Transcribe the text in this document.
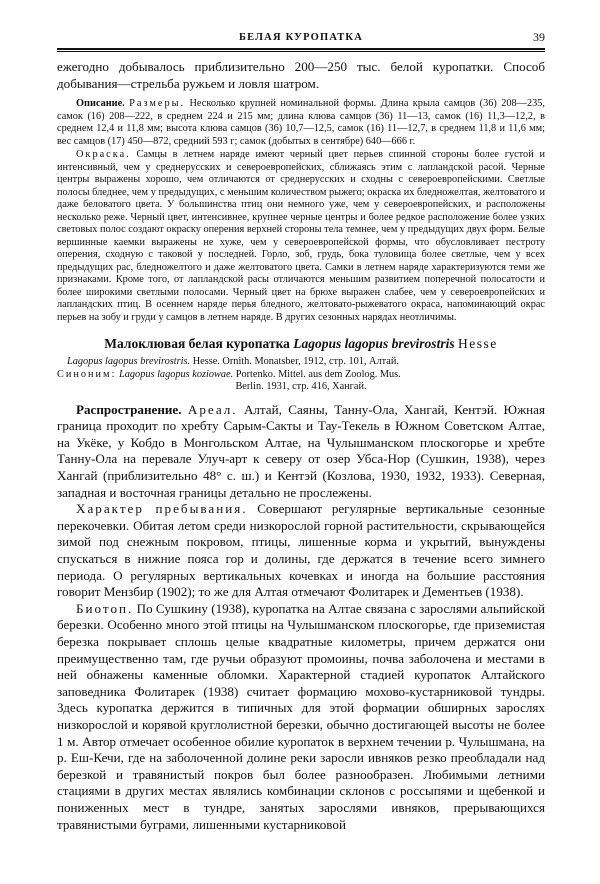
БЕЛАЯ КУРОПАТКА	39

ежегодно добывалось приблизительно 200—250 тыс. белой куропатки. Способ добывания—стрельба ружьем и ловля шатром.

Описание. Размеры. Несколько крупней номинальной формы. Длина крыла самцов (36) 208—235, самок (16) 208—222, в среднем 224 и 215 мм; длина клюва самцов (36) 11—13, самок (16) 11,3—12,2, в среднем 12,4 и 11,8 мм; высота клюва самцов (36) 10,7—12,5, самок (16) 11—12,7, в среднем 11,8 и 11,6 мм; вес самцов (17) 450—872, средний 593 г; самок (добытых в сентябре) 640—666 г.

Окраска. Самцы в летнем наряде имеют черный цвет перьев спинной стороны более густой и интенсивный, чем у среднерусских и североевропейских, сближаясь этим с лапландской расой. Черные центры выражены хорошо, чем отличаются от среднерусских и сходны с североевропейскими. Светлые полосы бледнее, чем у предыдущих, с меньшим количеством рыжего; окраска их бледножелтая, желтоватого и даже беловатого цвета. У большинства птиц они немного уже, чем у североевропейских, и расположены несколько реже. Черный цвет, интенсивнее, крупнее черные центры и более редкое расположение более узких световых полос создают окраску оперения верхней стороны тела темнее, чем у предыдущих двух форм. Белые вершинные каемки выражены не хуже, чем у североевропейской формы, что обусловливает пестроту оперения, сходную с таковой у последней. Горло, зоб, грудь, бока туловища более светлые, чем у всех предыдущих рас, бледножелтого и даже желтоватого цвета. Самки в летнем наряде характеризуются теми же признаками. Кроме того, от лапландской расы отличаются меньшим развитием поперечной полосатости и более широкими светлыми полосами. Черный цвет на брюхе выражен слабее, чем у североевропейских и лапландских птиц. В осеннем наряде перья бледного, желтовато-рыжеватого окраса, напоминающий окрас перьев на зобу и груди у самцов в летнем наряде. В других сезонных нарядах неотличимы.

Малоклювая белая куропатка Lagopus lagopus brevirostris Hesse
Lagopus lagopus brevirostris. Hesse. Ornith. Monatsber, 1912, стр. 101, Алтай.
Синоним: Lagopus lagopus koziowae. Portenko. Mittel. aus dem Zoolog. Mus.
Berlin. 1931, стр. 416, Хангай.

Распространение. Ареал. Алтай, Саяны, Танну-Ола, Хангай, Кентэй. Южная граница проходит по хребту Сарым-Сакты и Тау-Текель в Южном Советском Алтае, на Укёке, у Кобдо в Монгольском Алтае, на Чулышманском плоскогорье и хребте Танну-Ола на перевале Улуч-арт к северу от озер Убса-Нор (Сушкин, 1938), через Хангай (приблизительно 48° с. ш.) и Кентэй (Козлова, 1930, 1932, 1933). Северная, западная и восточная границы детально не прослежены.

Характер пребывания. Совершают регулярные вертикальные сезонные перекочевки. Обитая летом среди низкорослой горной растительности, скрывающейся зимой под снежным покровом, птицы, лишенные корма и укрытий, вынуждены спускаться в нижние пояса гор и долины, где держатся в течение всего зимнего периода. О регулярных вертикальных кочевках и иногда на большие расстояния говорит Мензбир (1902); то же для Алтая отмечают Фолитарек и Дементьев (1938).

Биотоп. По Сушкину (1938), куропатка на Алтае связана с зарослями альпийской березки. Особенно много этой птицы на Чулышманском плоскогорье, где приземистая березка покрывает сплошь целые квадратные километры, причем держатся они преимущественно там, где ручьи образуют промоины, почва заболочена и местами в ней обнажены каменные обломки. Характерной стадией куропаток Алтайского заповедника Фолитарек (1938) считает формацию мохово-кустарниковой тундры. Здесь куропатка держится в типичных для этой формации обширных зарослях низкорослой и корявой круглолистной березки, обычно достигающей высоты не более 1 м. Автор отмечает особенное обилие куропаток в верхнем течении р. Чулышмана, на р. Еш-Кечи, где на заболоченной долине реки заросли ивняков резко преобладали над березкой и травянистый покров был более разнообразен. Любимыми летними стациями в других местах являлись комбинации склонов с россыпями и щебенкой и пониженных мест в тундре, занятых зарослями ивняков, прерывающихся травянистыми буграми, лишенными кустарниковой
